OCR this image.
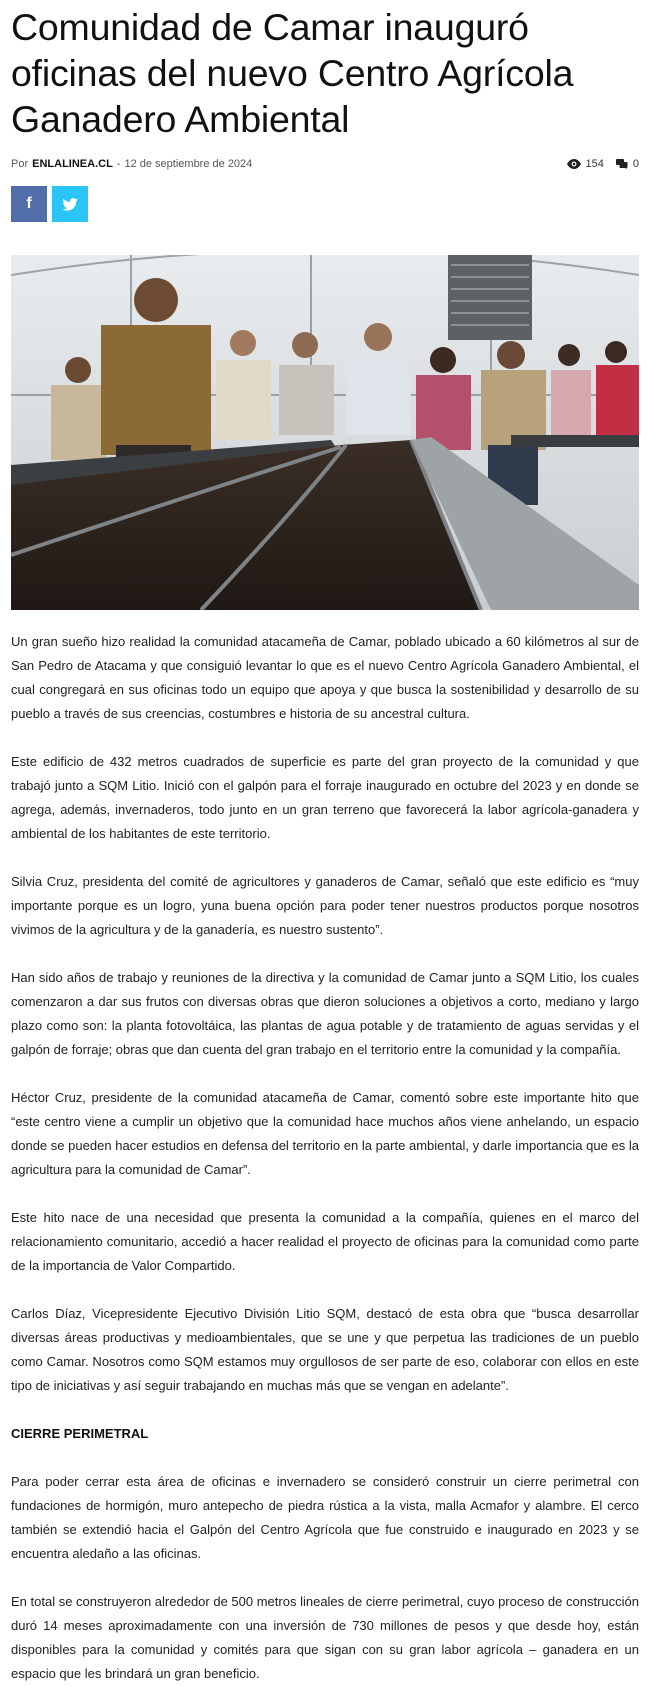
Comunidad de Camar inauguró oficinas del nuevo Centro Agrícola Ganadero Ambiental
Por ENLALINEA.CL - 12 de septiembre de 2024	154	0
f

Un gran sueño hizo realidad la comunidad atacameña de Camar, poblado ubicado a 60 kilómetros al sur de San Pedro de Atacama y que consiguió levantar lo que es el nuevo Centro Agrícola Ganadero Ambiental, el cual congregará en sus oficinas todo un equipo que apoya y que busca la sostenibilidad y desarrollo de su pueblo a través de sus creencias, costumbres e historia de su ancestral cultura.

Este edificio de 432 metros cuadrados de superficie es parte del gran proyecto de la comunidad y que trabajó junto a SQM Litio. Inició con el galpón para el forraje inaugurado en octubre del 2023 y en donde se agrega, además, invernaderos, todo junto en un gran terreno que favorecerá la labor agrícola-ganadera y ambiental de los habitantes de este territorio.

Silvia Cruz, presidenta del comité de agricultores y ganaderos de Camar, señaló que este edificio es “muy importante porque es un logro, yuna buena opción para poder tener nuestros productos porque nosotros vivimos de la agricultura y de la ganadería, es nuestro sustento”.

Han sido años de trabajo y reuniones de la directiva y la comunidad de Camar junto a SQM Litio, los cuales comenzaron a dar sus frutos con diversas obras que dieron soluciones a objetivos a corto, mediano y largo plazo como son: la planta fotovoltáica, las plantas de agua potable y de tratamiento de aguas servidas y el galpón de forraje; obras que dan cuenta del gran trabajo en el territorio entre la comunidad y la compañía.

Héctor Cruz, presidente de la comunidad atacameña de Camar, comentó sobre este importante hito que “este centro viene a cumplir un objetivo que la comunidad hace muchos años viene anhelando, un espacio donde se pueden hacer estudios en defensa del territorio en la parte ambiental, y darle importancia que es la agricultura para la comunidad de Camar”.

Este hito nace de una necesidad que presenta la comunidad a la compañía, quienes en el marco del relacionamiento comunitario, accedió a hacer realidad el proyecto de oficinas para la comunidad como parte de la importancia de Valor Compartido.

Carlos Díaz, Vicepresidente Ejecutivo División Litio SQM, destacó de esta obra que “busca desarrollar diversas áreas productivas y medioambientales, que se une y que perpetua las tradiciones de un pueblo como Camar. Nosotros como SQM estamos muy orgullosos de ser parte de eso, colaborar con ellos en este tipo de iniciativas y así seguir trabajando en muchas más que se vengan en adelante”.

CIERRE PERIMETRAL

Para poder cerrar esta área de oficinas e invernadero se consideró construir un cierre perimetral con fundaciones de hormigón, muro antepecho de piedra rústica a la vista, malla Acmafor y alambre. El cerco también se extendió hacia el Galpón del Centro Agrícola que fue construido e inaugurado en 2023 y se encuentra aledaño a las oficinas.

En total se construyeron alrededor de 500 metros lineales de cierre perimetral, cuyo proceso de construcción duró 14 meses aproximadamente con una inversión de 730 millones de pesos y que desde hoy, están disponibles para la comunidad y comités para que sigan con su gran labor agrícola – ganadera en un espacio que les brindará un gran beneficio.
